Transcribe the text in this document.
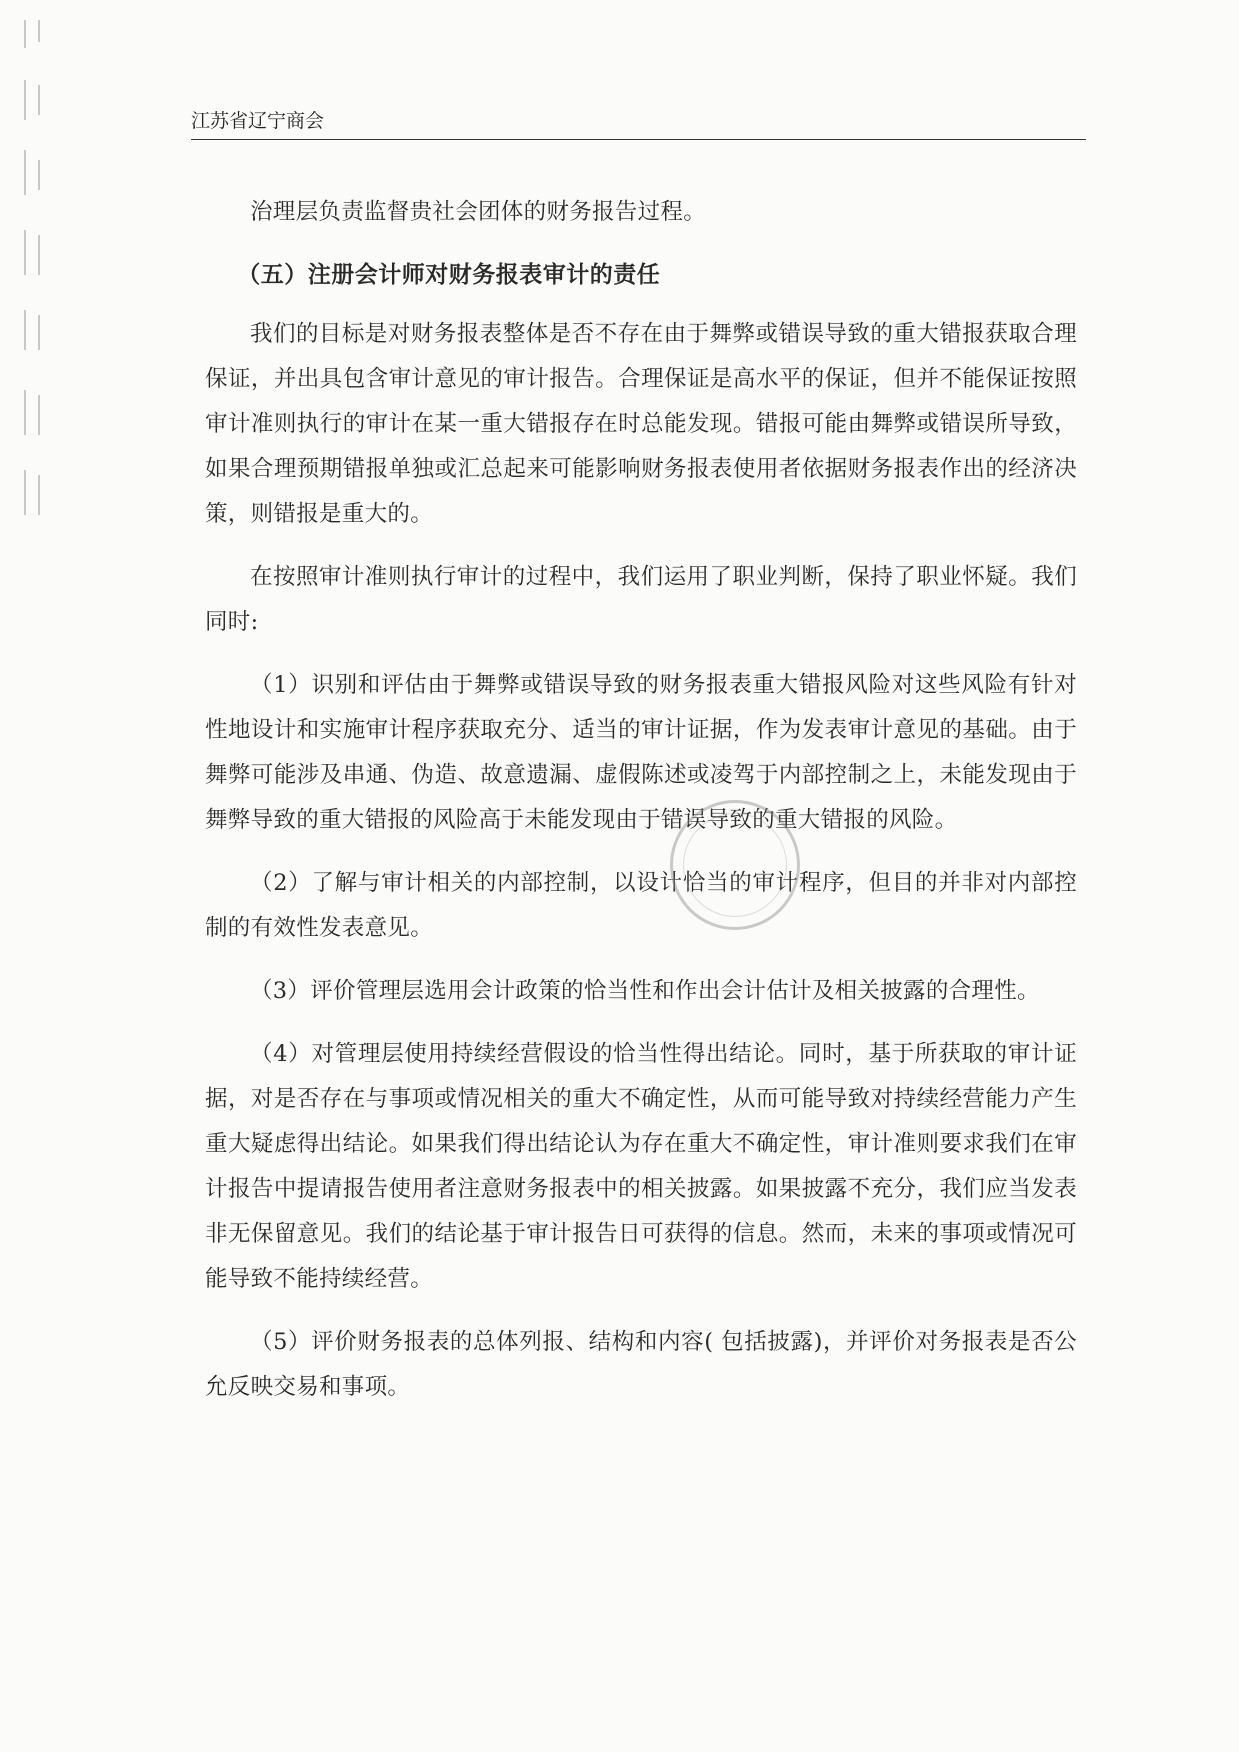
江苏省辽宁商会

治理层负责监督贵社会团体的财务报告过程。

（五）注册会计师对财务报表审计的责任

我们的目标是对财务报表整体是否不存在由于舞弊或错误导致的重大错报获取合理保证，并出具包含审计意见的审计报告。合理保证是高水平的保证，但并不能保证按照审计准则执行的审计在某一重大错报存在时总能发现。错报可能由舞弊或错误所导致，如果合理预期错报单独或汇总起来可能影响财务报表使用者依据财务报表作出的经济决策，则错报是重大的。

在按照审计准则执行审计的过程中，我们运用了职业判断，保持了职业怀疑。我们同时:

（1）识别和评估由于舞弊或错误导致的财务报表重大错报风险对这些风险有针对性地设计和实施审计程序获取充分、适当的审计证据，作为发表审计意见的基础。由于舞弊可能涉及串通、伪造、故意遗漏、虚假陈述或凌驾于内部控制之上，未能发现由于舞弊导致的重大错报的风险高于未能发现由于错误导致的重大错报的风险。

（2）了解与审计相关的内部控制，以设计恰当的审计程序，但目的并非对内部控制的有效性发表意见。

（3）评价管理层选用会计政策的恰当性和作出会计估计及相关披露的合理性。

（4）对管理层使用持续经营假设的恰当性得出结论。同时，基于所获取的审计证据，对是否存在与事项或情况相关的重大不确定性，从而可能导致对持续经营能力产生重大疑虑得出结论。如果我们得出结论认为存在重大不确定性，审计准则要求我们在审计报告中提请报告使用者注意财务报表中的相关披露。如果披露不充分，我们应当发表非无保留意见。我们的结论基于审计报告日可获得的信息。然而，未来的事项或情况可能导致不能持续经营。

（5）评价财务报表的总体列报、结构和内容( 包括披露)，并评价对务报表是否公允反映交易和事项。
